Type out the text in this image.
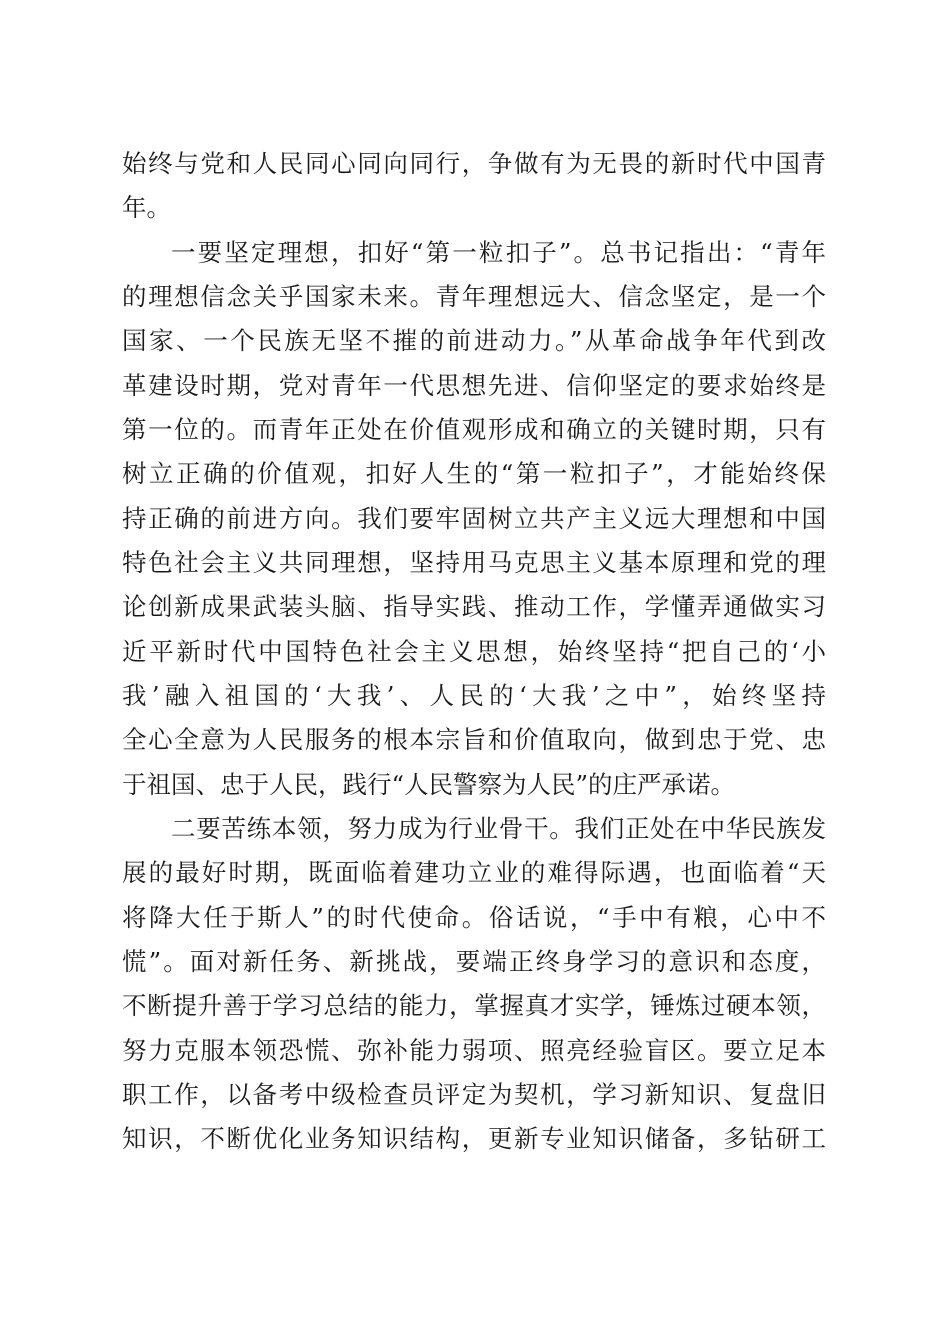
始终与党和人民同心同向同行，争做有为无畏的新时代中国青
年。
一要坚定理想，扣好“第一粒扣子”。总书记指出：“青年
的理想信念关乎国家未来。青年理想远大、信念坚定，是一个
国家、一个民族无坚不摧的前进动力。”从革命战争年代到改
革建设时期，党对青年一代思想先进、信仰坚定的要求始终是
第一位的。而青年正处在价值观形成和确立的关键时期，只有
树立正确的价值观，扣好人生的“第一粒扣子”，才能始终保
持正确的前进方向。我们要牢固树立共产主义远大理想和中国
特色社会主义共同理想，坚持用马克思主义基本原理和党的理
论创新成果武装头脑、指导实践、推动工作，学懂弄通做实习
近平新时代中国特色社会主义思想，始终坚持“把自己的‘小
我’融入祖国的‘大我’、人民的‘大我’之中”，始终坚持
全心全意为人民服务的根本宗旨和价值取向，做到忠于党、忠
于祖国、忠于人民，践行“人民警察为人民”的庄严承诺。
二要苦练本领，努力成为行业骨干。我们正处在中华民族发
展的最好时期，既面临着建功立业的难得际遇，也面临着“天
将降大任于斯人”的时代使命。俗话说，“手中有粮，心中不
慌”。面对新任务、新挑战，要端正终身学习的意识和态度，
不断提升善于学习总结的能力，掌握真才实学，锤炼过硬本领，
努力克服本领恐慌、弥补能力弱项、照亮经验盲区。要立足本
职工作，以备考中级检查员评定为契机，学习新知识、复盘旧
知识，不断优化业务知识结构，更新专业知识储备，多钻研工
